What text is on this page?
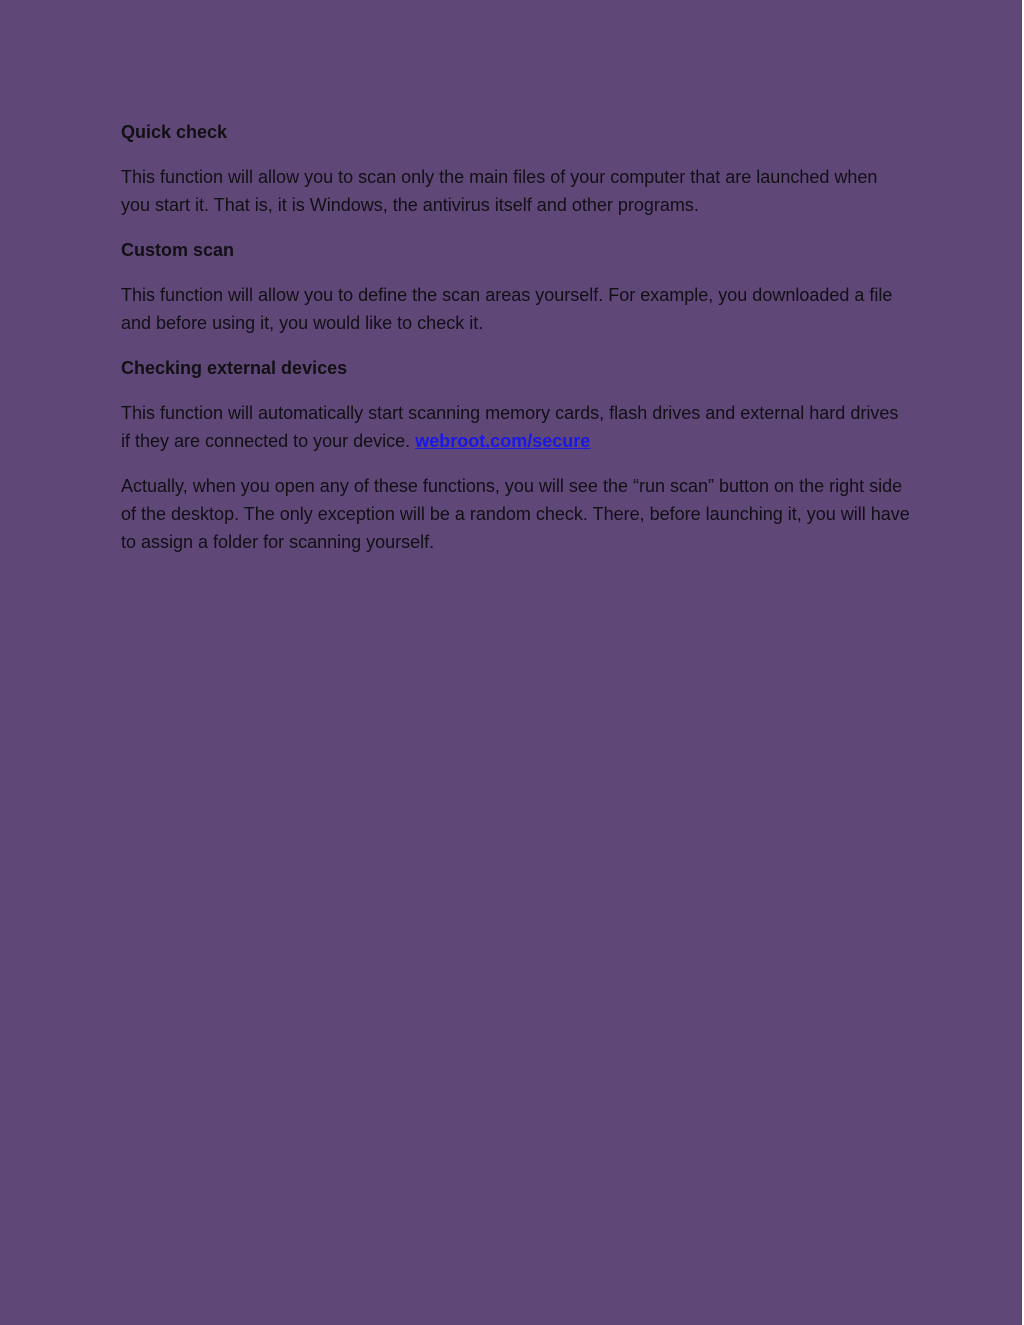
Quick check

This function will allow you to scan only the main files of your computer that are launched when you start it. That is, it is Windows, the antivirus itself and other programs.

Custom scan

This function will allow you to define the scan areas yourself. For example, you downloaded a file and before using it, you would like to check it.

Checking external devices

This function will automatically start scanning memory cards, flash drives and external hard drives if they are connected to your device. webroot.com/secure

Actually, when you open any of these functions, you will see the “run scan” button on the right side of the desktop. The only exception will be a random check. There, before launching it, you will have to assign a folder for scanning yourself.
